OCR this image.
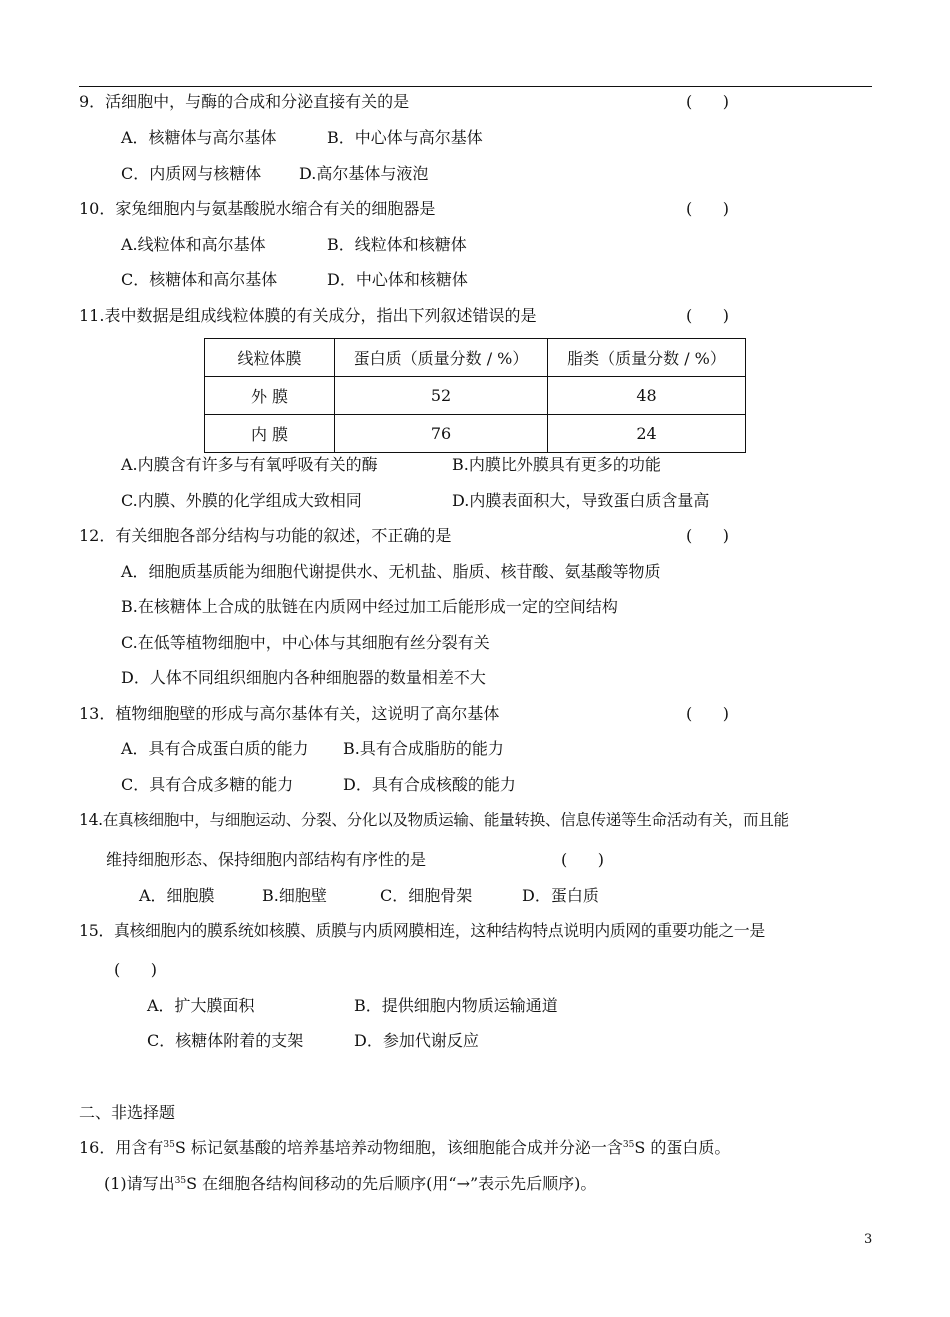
9．活细胞中，与酶的合成和分泌直接有关的是	(      )
A．核糖体与高尔基体	B．中心体与高尔基体
C．内质网与核糖体 D.高尔基体与液泡
10．家兔细胞内与氨基酸脱水缩合有关的细胞器是	(      )
A.线粒体和高尔基体	B．线粒体和核糖体
C．核糖体和高尔基体	D．中心体和核糖体
11.表中数据是组成线粒体膜的有关成分，指出下列叙述错误的是	(      )
线粒体膜	蛋白质（质量分数 / %）	脂类（质量分数 / %）
外 膜	52	48
内 膜	76	24
A.内膜含有许多与有氧呼吸有关的酶	B.内膜比外膜具有更多的功能
C.内膜、外膜的化学组成大致相同	D.内膜表面积大，导致蛋白质含量高
12．有关细胞各部分结构与功能的叙述，不正确的是	(      )
A．细胞质基质能为细胞代谢提供水、无机盐、脂质、核苷酸、氨基酸等物质
B.在核糖体上合成的肽链在内质网中经过加工后能形成一定的空间结构
C.在低等植物细胞中，中心体与其细胞有丝分裂有关
D．人体不同组织细胞内各种细胞器的数量相差不大
13．植物细胞壁的形成与高尔基体有关，这说明了高尔基体	(      )
A．具有合成蛋白质的能力 B.具有合成脂肪的能力
C．具有合成多糖的能力	D．具有合成核酸的能力
14.在真核细胞中，与细胞运动、分裂、分化以及物质运输、能量转换、信息传递等生命活动有关，而且能
维持细胞形态、保持细胞内部结构有序性的是	(      )
A．细胞膜	B.细胞壁	C．细胞骨架	D．蛋白质
15．真核细胞内的膜系统如核膜、质膜与内质网膜相连，这种结构特点说明内质网的重要功能之一是
(      )
A．扩大膜面积	B．提供细胞内物质运输通道
C．核糖体附着的支架	D．参加代谢反应
二、非选择题
16．用含有$^{35}$S 标记氨基酸的培养基培养动物细胞，该细胞能合成并分泌一含$^{35}$S 的蛋白质。
(1)请写出$^{35}$S 在细胞各结构间移动的先后顺序(用“→”表示先后顺序)。
3
